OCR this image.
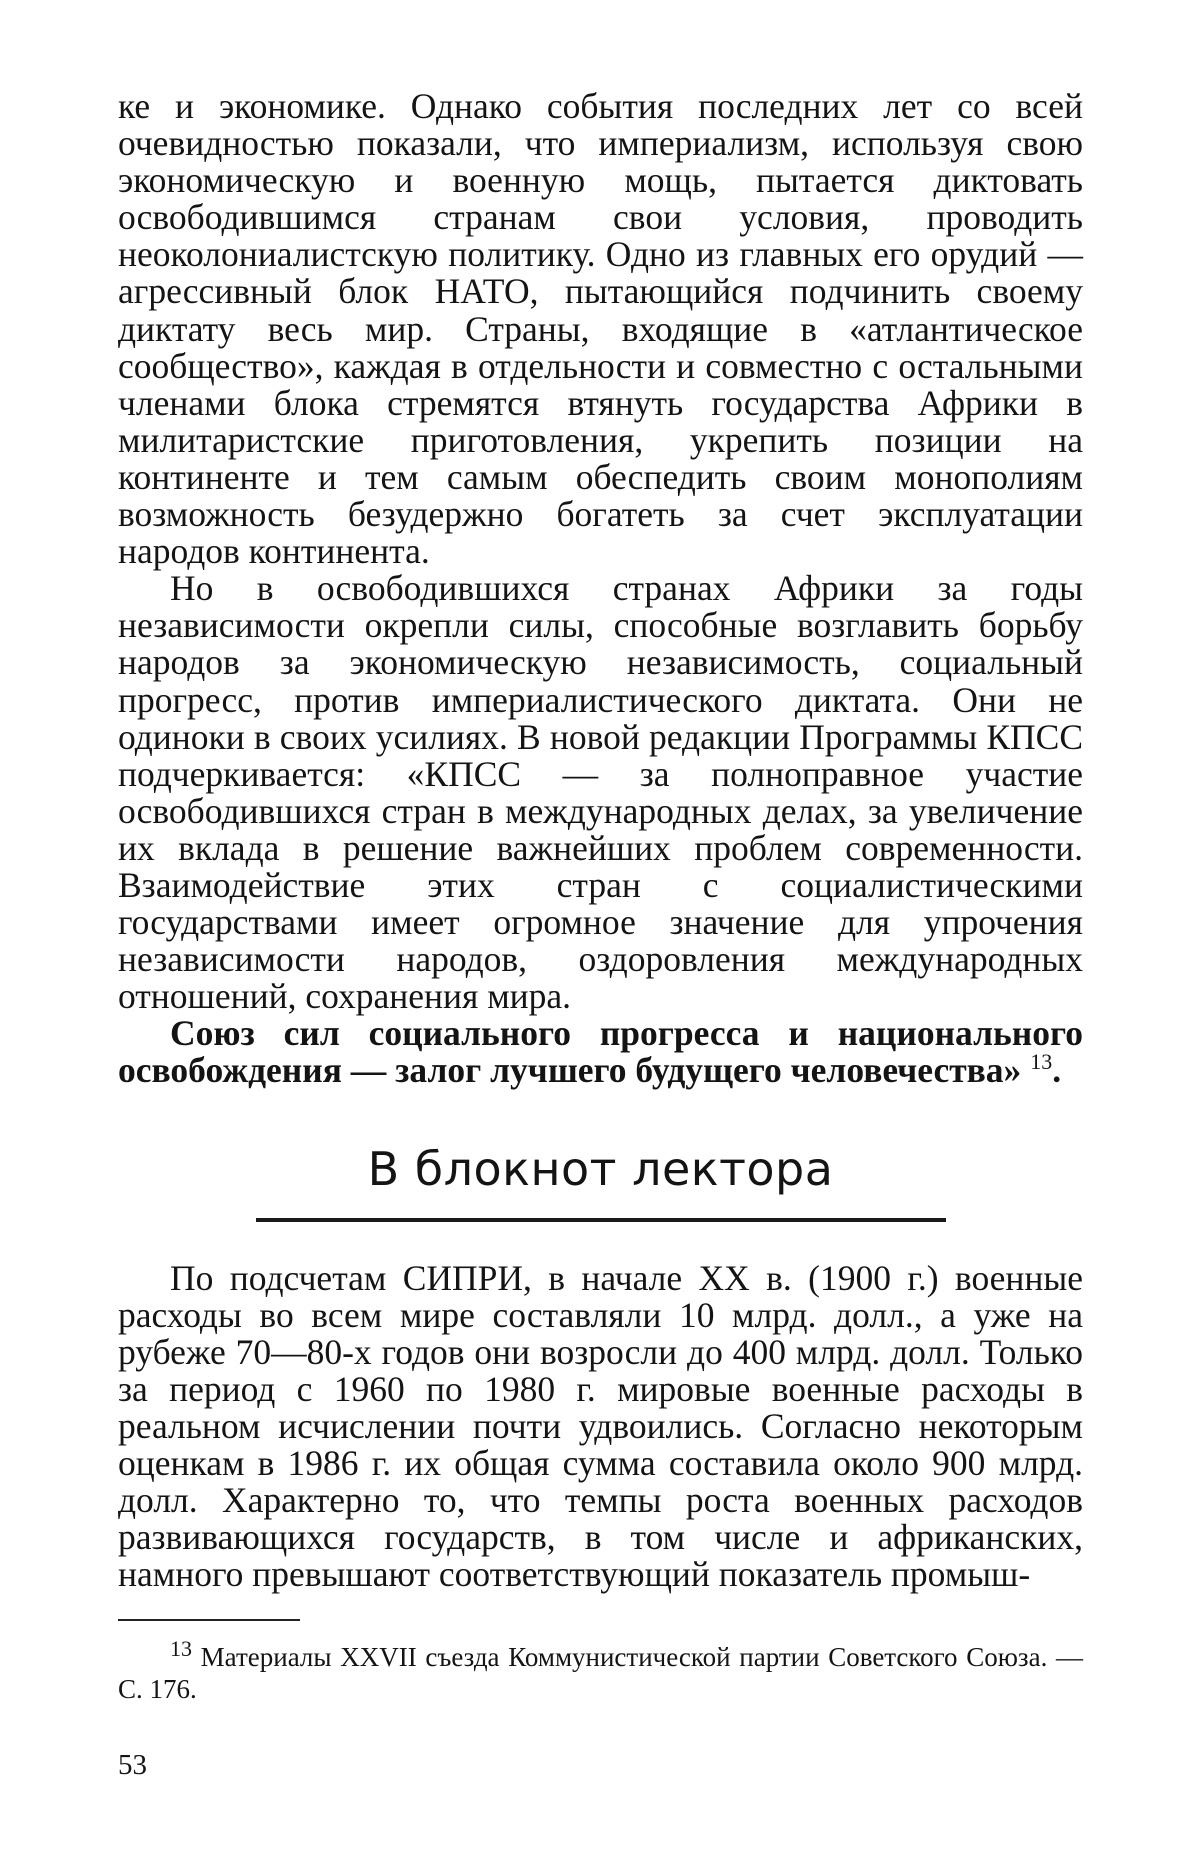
ке и экономике. Однако события последних лет со всей очевидностью показали, что империализм, используя свою экономическую и военную мощь, пытается диктовать освободившимся странам свои условия, проводить неоколониалистскую политику. Одно из главных его орудий — агрессивный блок НАТО, пытающийся подчинить своему диктату весь мир. Страны, входящие в «атлантическое сообщество», каждая в отдельности и совместно с остальными членами блока стремятся втянуть государства Африки в милитаристские приготовления, укрепить позиции на континенте и тем самым обеспедить своим монополиям возможность безудержно богатеть за счет эксплуатации народов континента.

Но в освободившихся странах Африки за годы независимости окрепли силы, способные возглавить борьбу народов за экономическую независимость, социальный прогресс, против империалистического диктата. Они не одиноки в своих усилиях. В новой редакции Программы КПСС подчеркивается: «КПСС — за полноправное участие освободившихся стран в международных делах, за увеличение их вклада в решение важнейших проблем современности. Взаимодействие этих стран с социалистическими государствами имеет огромное значение для упрочения независимости народов, оздоровления международных отношений, сохранения мира.

Союз сил социального прогресса и национального освобождения — залог лучшего будущего человечества» $^{13}$.

В блокнот лектора

По подсчетам СИПРИ, в начале XX в. (1900 г.) военные расходы во всем мире составляли 10 млрд. долл., а уже на рубеже 70—80-х годов они возросли до 400 млрд. долл. Только за период с 1960 по 1980 г. мировые военные расходы в реальном исчислении почти удвоились. Согласно некоторым оценкам в 1986 г. их общая сумма составила около 900 млрд. долл. Характерно то, что темпы роста военных расходов развивающихся государств, в том числе и африканских, намного превышают соответствующий показатель промыш-

$^{13}$ Материалы XXVII съезда Коммунистической партии Советского Союза. — С. 176.

53
